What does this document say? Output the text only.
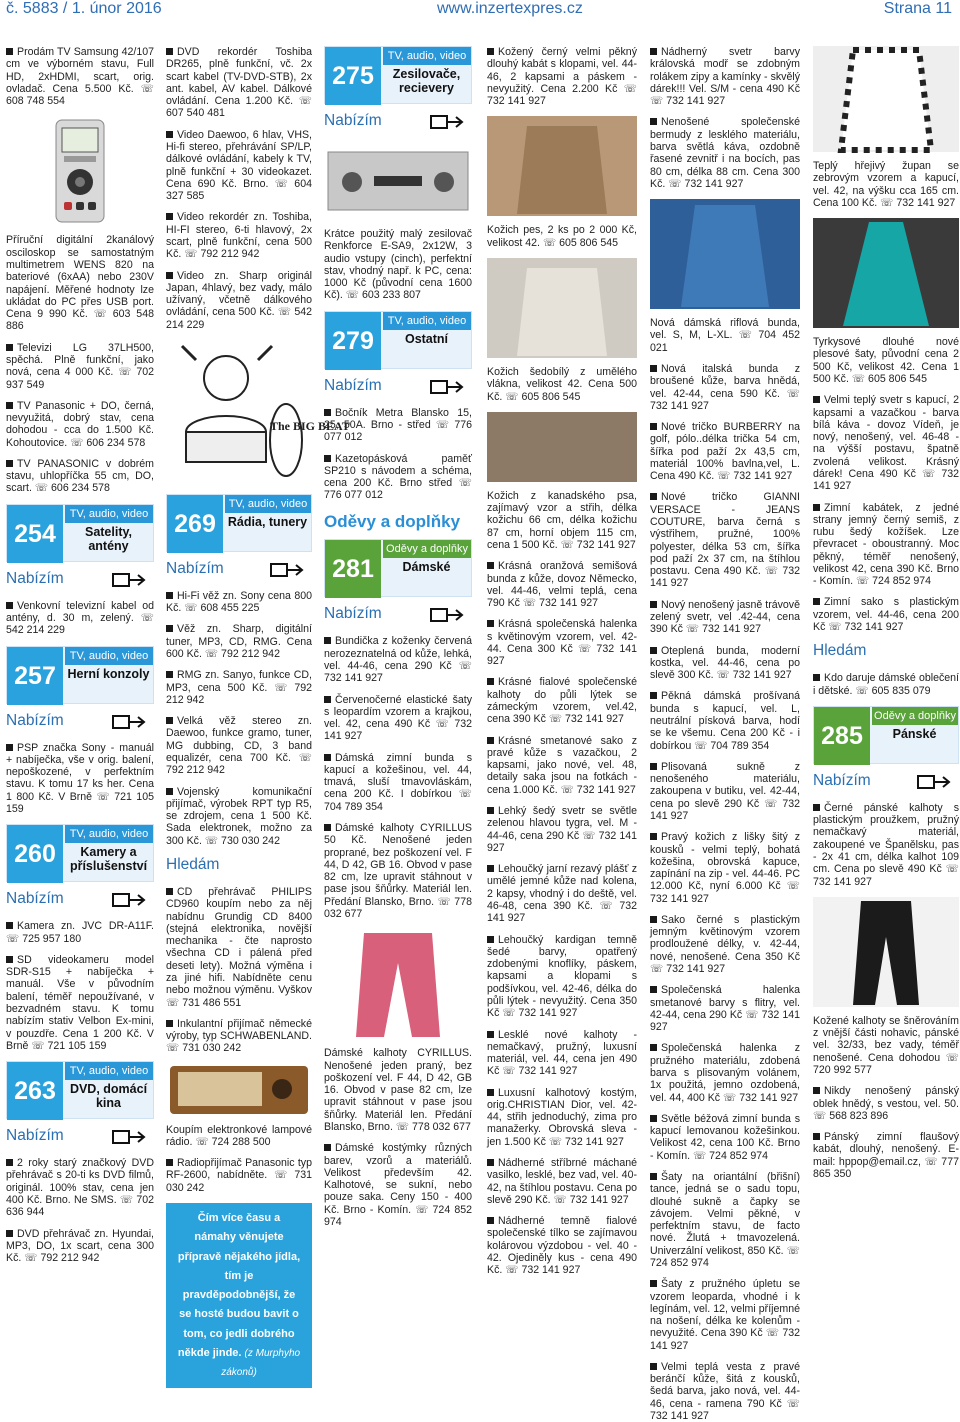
č. 5883 / 1. únor 2016	www.inzertexpres.cz	Strana 11
Prodám TV Samsung 42/107 cm ve výborném stavu, Full HD, 2xHDMI, scart, orig. ovladač. Cena 5.500 Kč. ☏ 608 748 554
Příruční digitální 2kanálový osciloskop se samostatným multimetrem WENS 820 na bateriové (6xAA) nebo 230V napájení. Měřené hodnoty lze ukládat do PC přes USB port. Cena 9 990 Kč. ☏ 603 548 886
Televizi LG 37LH500, spěchá. Plně funkční, jako nová, cena 4 000 Kč. ☏ 702 937 549
TV Panasonic + DO, černá, nevyužitá, dobrý stav, cena dohodou - cca do 1.500 Kč. Kohoutovice. ☏ 606 234 578
TV PANASONIC v dobrém stavu, uhlopříčka 55 cm, DO, scart. ☏ 606 234 578
254
TV, audio, video
Satelity, antény
Nabízím
Venkovní televizní kabel od antény, d. 30 m, zelený. ☏ 542 214 229
257
TV, audio, video
Herní konzoly
Nabízím
PSP značka Sony - manuál + nabíječka, vše v orig. balení, nepoškozené, v perfektním stavu. K tomu 17 ks her. Cena 1 800 Kč. V Brně ☏ 721 105 159
260
TV, audio, video
Kamery a příslušenství
Nabízím
Kamera zn. JVC DR-A11F. ☏ 725 957 180
SD videokameru model SDR-S15 + nabíječka + manuál. Vše v původním balení, téměř nepoužívané, v bezvadném stavu. K tomu nabízím stativ Velbon Ex-mini, v pouzdře. Cena 1 200 Kč. V Brně ☏ 721 105 159
263
TV, audio, video
DVD, domácí kina
Nabízím
2 roky starý značkový DVD přehrávač s 20-ti ks DVD filmů, originál. 100% stav, cena jen 400 Kč. Brno. Ne SMS. ☏ 702 636 944
DVD přehrávač zn. Hyundai, MP3, DO, 1x scart, cena 300 Kč. ☏ 792 212 942
DVD rekordér Toshiba DR265, plně funkční, vč. 2x scart kabel (TV-DVD-STB), 2x ant. kabel, AV kabel. Dálkové ovládání. Cena 1.200 Kč. ☏ 607 540 481
Video Daewoo, 6 hlav, VHS, Hi-fi stereo, přehrávání SP/LP, dálkové ovládání, kabely k TV, plně funkční + 30 videokazet. Cena 690 Kč. Brno. ☏ 604 327 585
Video rekordér zn. Toshiba, HI-FI stereo, 6-ti hlavový, 2x scart, plně funkční, cena 500 Kč. ☏ 792 212 942
Video zn. Sharp originál Japan, 4hlavý, bez vady, málo užívaný, včetně dálkového ovládání, cena 500 Kč. ☏ 542 214 229
The BIG BEAT
269
TV, audio, video
Rádia, tunery
Nabízím
Hi-Fi věž zn. Sony cena 800 Kč. ☏ 608 455 225
Věž zn. Sharp, digitální tuner, MP3, CD, RMG. Cena 600 Kč. ☏ 792 212 942
RMG zn. Sanyo, funkce CD, MP3, cena 500 Kč. ☏ 792 212 942
Velká věž stereo zn. Daewoo, funkce gramo, tuner, MG dubbing, CD, 3 band equalizér, cena 700 Kč. ☏ 792 212 942
Vojenský komunikační přijímač, výrobek RPT typ R5, se zdrojem, cena 1 500 Kč. Sada elektronek, možno za 300 Kč. ☏ 730 030 242
Hledám
CD přehrávač PHILIPS CD960 koupím nebo za něj nabídnu Grundig CD 8400 (stejná elektronika, novější mechanika - čte naprosto všechna CD i pálená před deseti lety). Možná výměna i za jiné hifi. Nabídněte cenu nebo možnou výměnu. Vyškov ☏ 731 486 551
Inkulantní přijímač německé výroby, typ SCHWABENLAND. ☏ 731 030 242
Koupím elektronkové lampové rádio. ☏ 724 288 500
Radiopřijímač Panasonic typ RF-2600, nabídněte. ☏ 731 030 242
Čím více času a námahy věnujete přípravě nějakého jídla, tím je pravděpodobnější, že se hosté budou bavit o tom, co jedli dobrého někde jinde. (z Murphyho zákonů)
275
TV, audio, video
Zesilovače, recievery
Nabízím
Krátce použitý malý zesilovač Renkforce E-SA9, 2x12W, 3 audio vstupy (cinch), perfektní stav, vhodný např. k PC, cena: 1000 Kč (původní cena 1600 Kč). ☏ 603 233 807
279
TV, audio, video
Ostatní
Nabízím
Bočník Metra Blansko 15, 25, 50A. Brno - střed ☏ 776 077 012
Kazetopásková paměť SP210 s návodem a schéma, cena 200 Kč. Brno střed ☏ 776 077 012
Oděvy a doplňky
281
Oděvy a doplňky
Dámské
Nabízím
Bundička z koženky červená nerozeznatelná od kůže, lehká, vel. 44-46, cena 290 Kč ☏ 732 141 927
Červenočerné elastické šaty s leopardím vzorem a krajkou, vel. 42, cena 490 Kč ☏ 732 141 927
Dámská zimní bunda s kapucí a kožešinou, vel. 44, tmavá, sluší tmavovláskám, cena 200 Kč. I dobírkou ☏ 704 789 354
Dámské kalhoty CYRILLUS 50 Kč. Nenošené jeden proprané, bez poškození vel. F 44, D 42, GB 16. Obvod v pase 82 cm, lze upravit stáhnout v pase jsou šňůrky. Materiál len. Předání Blansko, Brno. ☏ 778 032 677
Dámské kalhoty CYRILLUS. Nenošené jeden praný, bez poškození vel. F 44, D 42, GB 16. Obvod v pase 82 cm, lze upravit stáhnout v pase jsou šňůrky. Materiál len. Předání Blansko, Brno. ☏ 778 032 677
Dámské kostýmky různých barev, vzorů a materiálů. Velikost především 42. Kalhotové, se sukní, nebo pouze saka. Ceny 150 - 400 Kč. Brno - Komín. ☏ 724 852 974
Kožený černý velmi pěkný dlouhý kabát s klopami, vel. 44-46, 2 kapsami a páskem - nevyužitý. Cena 2.200 Kč ☏ 732 141 927
Kožich pes, 2 ks po 2 000 Kč, velikost 42. ☏ 605 806 545
Kožich šedobílý z umělého vlákna, velikost 42. Cena 500 Kč. ☏ 605 806 545
Kožich z kanadského psa, zajímavý vzor a střih, délka kožichu 66 cm, délka kožichu 87 cm, horní objem 115 cm, cena 1 500 Kč. ☏ 732 141 927
Krásná oranžová semišová bunda z kůže, dovoz Německo, vel. 44-46, velmi teplá, cena 790 Kč ☏ 732 141 927
Krásná společenská halenka s květinovým vzorem, vel. 42-44. Cena 300 Kč ☏ 732 141 927
Krásné fialové společenské kalhoty do půli lýtek se zámeckým vzorem, vel.42, cena 390 Kč ☏ 732 141 927
Krásné smetanové sako z pravé kůže s vazačkou, 2 kapsami, jako nové, vel. 48, detaily saka jsou na fotkách - cena 1.000 Kč. ☏ 732 141 927
Lehký šedý svetr se světle zelenou hlavou tygra, vel. M - 44-46, cena 290 Kč ☏ 732 141 927
Lehoučký jarní rezavý plášť z umělé jemné kůže nad kolena, 2 kapsy, vhodný i do deště, vel. 46-48, cena 390 Kč. ☏ 732 141 927
Lehoučký kardigan temně šedé barvy, opatřený zdobenými knoflíky, páskem, kapsami a klopami s podšívkou, vel. 42-46, délka do půli lýtek - nevyužitý. Cena 350 Kč ☏ 732 141 927
Lesklé nové kalhoty - nemačkavý, pružný, luxusní materiál, vel. 44, cena jen 490 Kč ☏ 732 141 927
Luxusní kalhotový kostým, orig.CHRISTIAN Dior, vel. 42-44, střih jednoduchý, zima pro manažerky. Obrovská sleva - jen 1.500 Kč ☏ 732 141 927
Nádherné stříbrné máchané vasilko, lesklé, bez vad, vel. 40-42, na štíhlou postavu. Cena po slevě 290 Kč. ☏ 732 141 927
Nádherné temně fialové společenské tílko se zajímavou kolárovou výzdobou - vel. 40 - 42. Ojediněly kus - cena 490 Kč. ☏ 732 141 927
Nádherný svetr barvy královská modř se zdobným rolákem zipy a kamínky - skvělý dárek!!! Vel. S/M - cena 490 Kč ☏ 732 141 927
Nenošené společenské bermudy z lesklého materiálu, barva světlá káva, ozdobně řasené zevnitř i na bocích, pas 80 cm, délka 88 cm. Cena 300 Kč. ☏ 732 141 927
Nová dámská riflová bunda, vel. S, M, L-XL. ☏ 704 452 021
Nová italská bunda z broušené kůže, barva hnědá, vel. 42-44, cena 590 Kč. ☏ 732 141 927
Nové tričko BURBERRY na golf, pólo..délka trička 54 cm, šířka pod paží 2x 43,5 cm, materiál 100% bavlna,vel, L. Cena 490 Kč. ☏ 732 141 927
Nové tričko GIANNI VERSACE - JEANS COUTURE, barva černá s výstřihem, pružné, 100% polyester, délka 53 cm, šířka pod paží 2x 37 cm, na štíhlou postavu. Cena 490 Kč. ☏ 732 141 927
Nový nenošený jasně trávově zelený svetr, vel .42-44, cena 390 Kč ☏ 732 141 927
Oteplená bunda, moderní kostka, vel. 44-46, cena po slevě 300 Kč. ☏ 732 141 927
Pěkná dámská prošívaná bunda s kapucí, vel. L, neutrální písková barva, hodí se ke všemu. Cena 200 Kč - i dobírkou ☏ 704 789 354
Plisovaná sukně z nenošeného materiálu, zakoupena v butiku, vel. 42-44, cena po slevě 290 Kč ☏ 732 141 927
Pravý kožich z lišky šitý z kousků - velmi teplý, bohatá kožešina, obrovská kapuce, zapínání na zip - vel. 44-46. PC 12.000 Kč, nyní 6.000 Kč ☏ 732 141 927
Sako černé s plastickým jemným květinovým vzorem prodloužené délky, v. 42-44, nové, nenošené. Cena 350 Kč ☏ 732 141 927
Společenská halenka smetanové barvy s flitry, vel. 42-44, cena 290 Kč ☏ 732 141 927
Společenská halenka z pružného materiálu, zdobená barva s plisovaným volánem, 1x použitá, jemno ozdobená, vel. 44, 400 Kč ☏ 732 141 927
Světle béžová zimní bunda s kapucí lemovanou kožešinkou. Velikost 42, cena 100 Kč. Brno - Komín. ☏ 724 852 974
Šaty na oriantální (břišní) tance, jedná se o sadu topu, dlouhé sukně a čapky se závojem. Velmi pěkné, v perfektním stavu, de facto nové. Žlutá + tmavozelená. Univerzální velikost, 850 Kč. ☏ 724 852 974
Šaty z pružného úpletu se vzorem leoparda, vhodné i k legínám, vel. 12, velmi příjemné na nošení, délka ke kolenům - nevyužité. Cena 390 Kč ☏ 732 141 927
Velmi teplá vesta z pravé beránčí kůže, šitá z kousků, šedá barva, jako nová, vel. 44-46, cena - ramena 790 Kč ☏ 732 141 927
Teplý hřejivý župan se zebrovým vzorem a kapucí, vel. 42, na výšku cca 165 cm. Cena 100 Kč. ☏ 732 141 927
Tyrkysové dlouhé nové plesové šaty, původní cena 2 500 Kč, velikost 42. Cena 1 500 Kč. ☏ 605 806 545
Velmi teplý svetr s kapucí, 2 kapsami a vazačkou - barva bílá káva - dovoz Vídeň, je nový, nenošený, vel. 46-48 - na výšší postavu, špatně zvolená velikost. Krásný dárek! Cena 490 Kč ☏ 732 141 927
Zimní kabátek, z jedné strany jemný černý semiš, z rubu šedý kožíšek. Lze převracet - oboustranný. Moc pěkný, téměř nenošený, velikost 42, cena 390 Kč. Brno - Komín. ☏ 724 852 974
Zimní sako s plastickým vzorem, vel. 44-46, cena 200 Kč ☏ 732 141 927
Hledám
Kdo daruje dámské oblečení i dětské. ☏ 605 835 079
285
Oděvy a doplňky
Pánské
Nabízím
Černé pánské kalhoty s plastickým proužkem, pružný nemačkavý materiál, zakoupené ve Španělsku, pas - 2x 41 cm, délka kalhot 109 cm. Cena po slevě 490 Kč ☏ 732 141 927
Kožené kalhoty se šněrováním z vnější části nohavic, pánské vel. 32/33, bez vady, téměř nenošené. Cena dohodou ☏ 720 992 577
Nikdy nenošený pánský oblek hnědý, s vestou, vel. 50. ☏ 568 823 896
Pánský zimní flaušový kabát, dlouhý, nenošený. E-mail: hppop@email.cz, ☏ 777 865 350
